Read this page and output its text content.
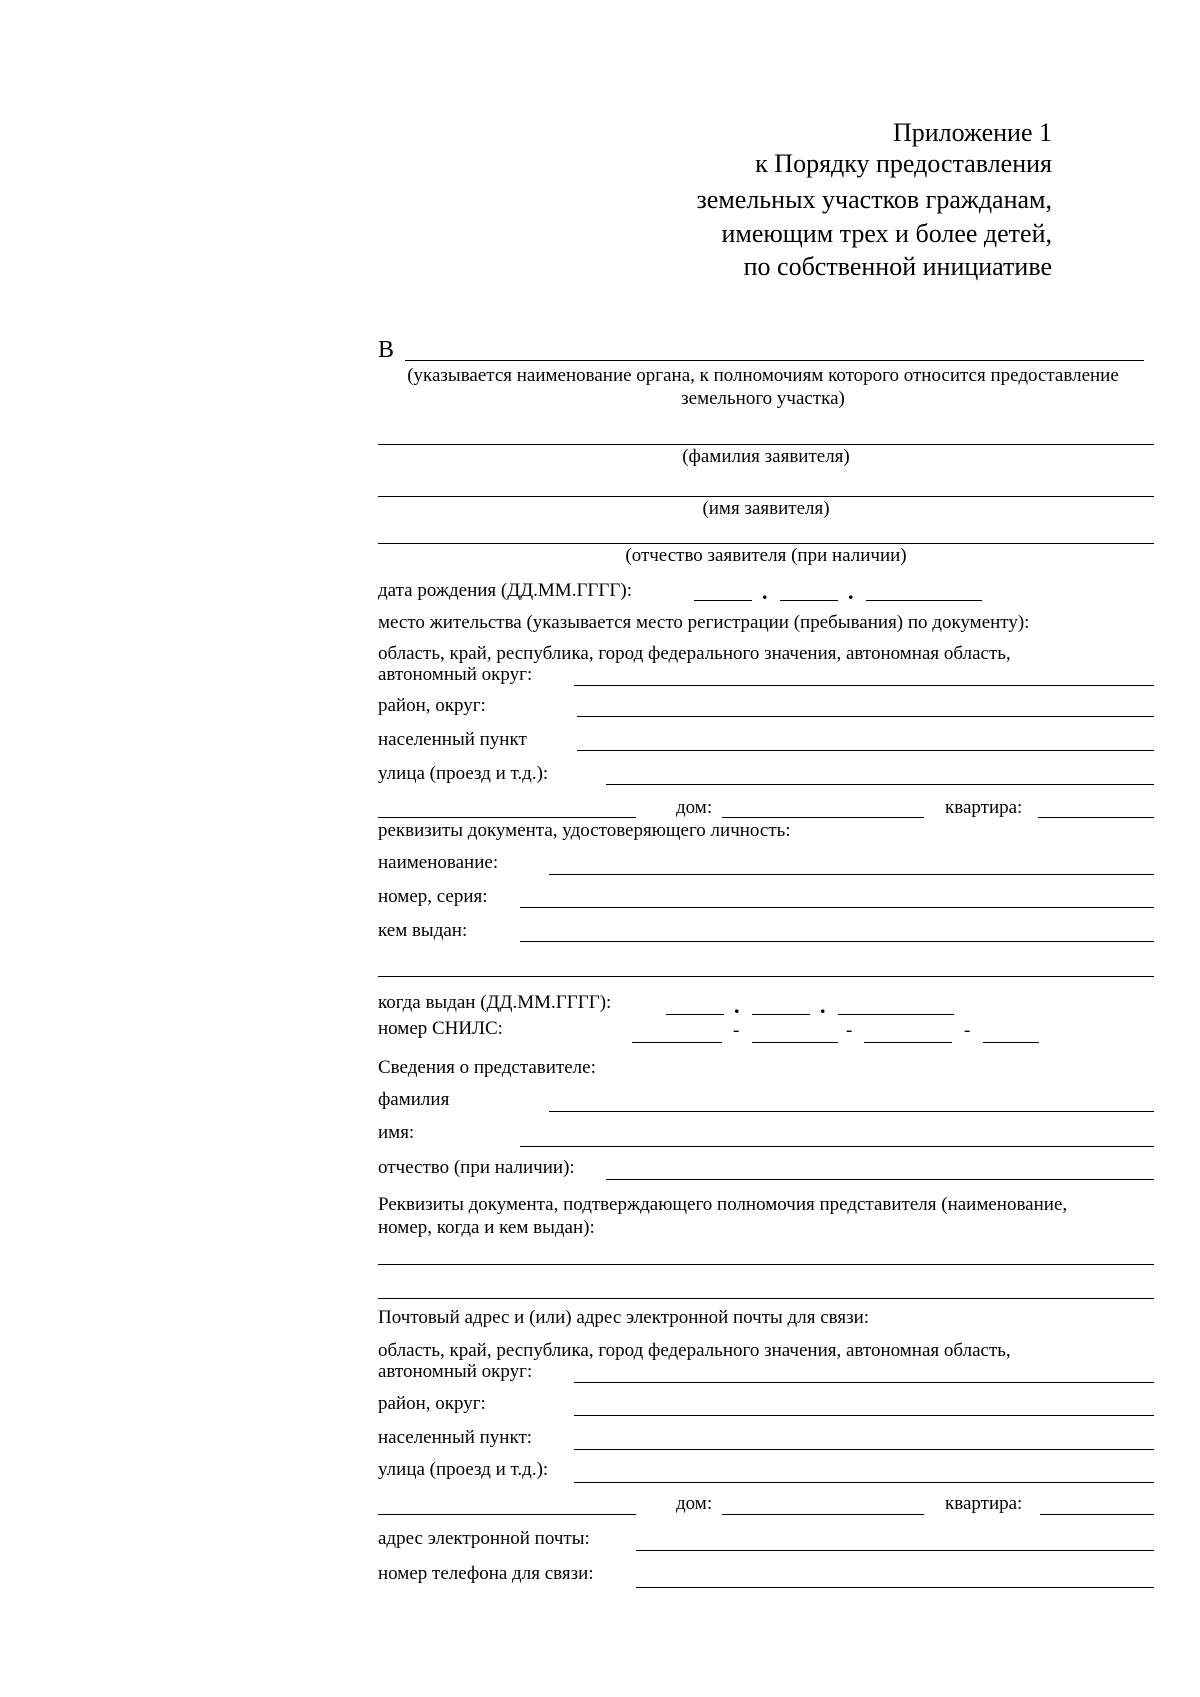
Приложение 1
к Порядку предоставления
земельных участков гражданам,
имеющим трех и более детей,
по собственной инициативе
В
(указывается наименование органа, к полномочиям которого относится предоставление
земельного участка)
(фамилия заявителя)
(имя заявителя)
(отчество заявителя (при наличии)
дата рождения (ДД.ММ.ГГГГ):	.	.
место жительства (указывается место регистрации (пребывания) по документу):
область, край, республика, город федерального значения, автономная область,
автономный округ:
район, округ:
населенный пункт
улица (проезд и т.д.):
дом:	квартира:
реквизиты документа, удостоверяющего личность:
наименование:
номер, серия:
кем выдан:
когда выдан (ДД.ММ.ГГГГ):	.	.
номер СНИЛС:	-	-	-
Сведения о представителе:
фамилия
имя:
отчество (при наличии):
Реквизиты документа, подтверждающего полномочия представителя (наименование,
номер, когда и кем выдан):
Почтовый адрес и (или) адрес электронной почты для связи:
область, край, республика, город федерального значения, автономная область,
автономный округ:
район, округ:
населенный пункт:
улица (проезд и т.д.):
дом:	квартира:
адрес электронной почты:
номер телефона для связи:
